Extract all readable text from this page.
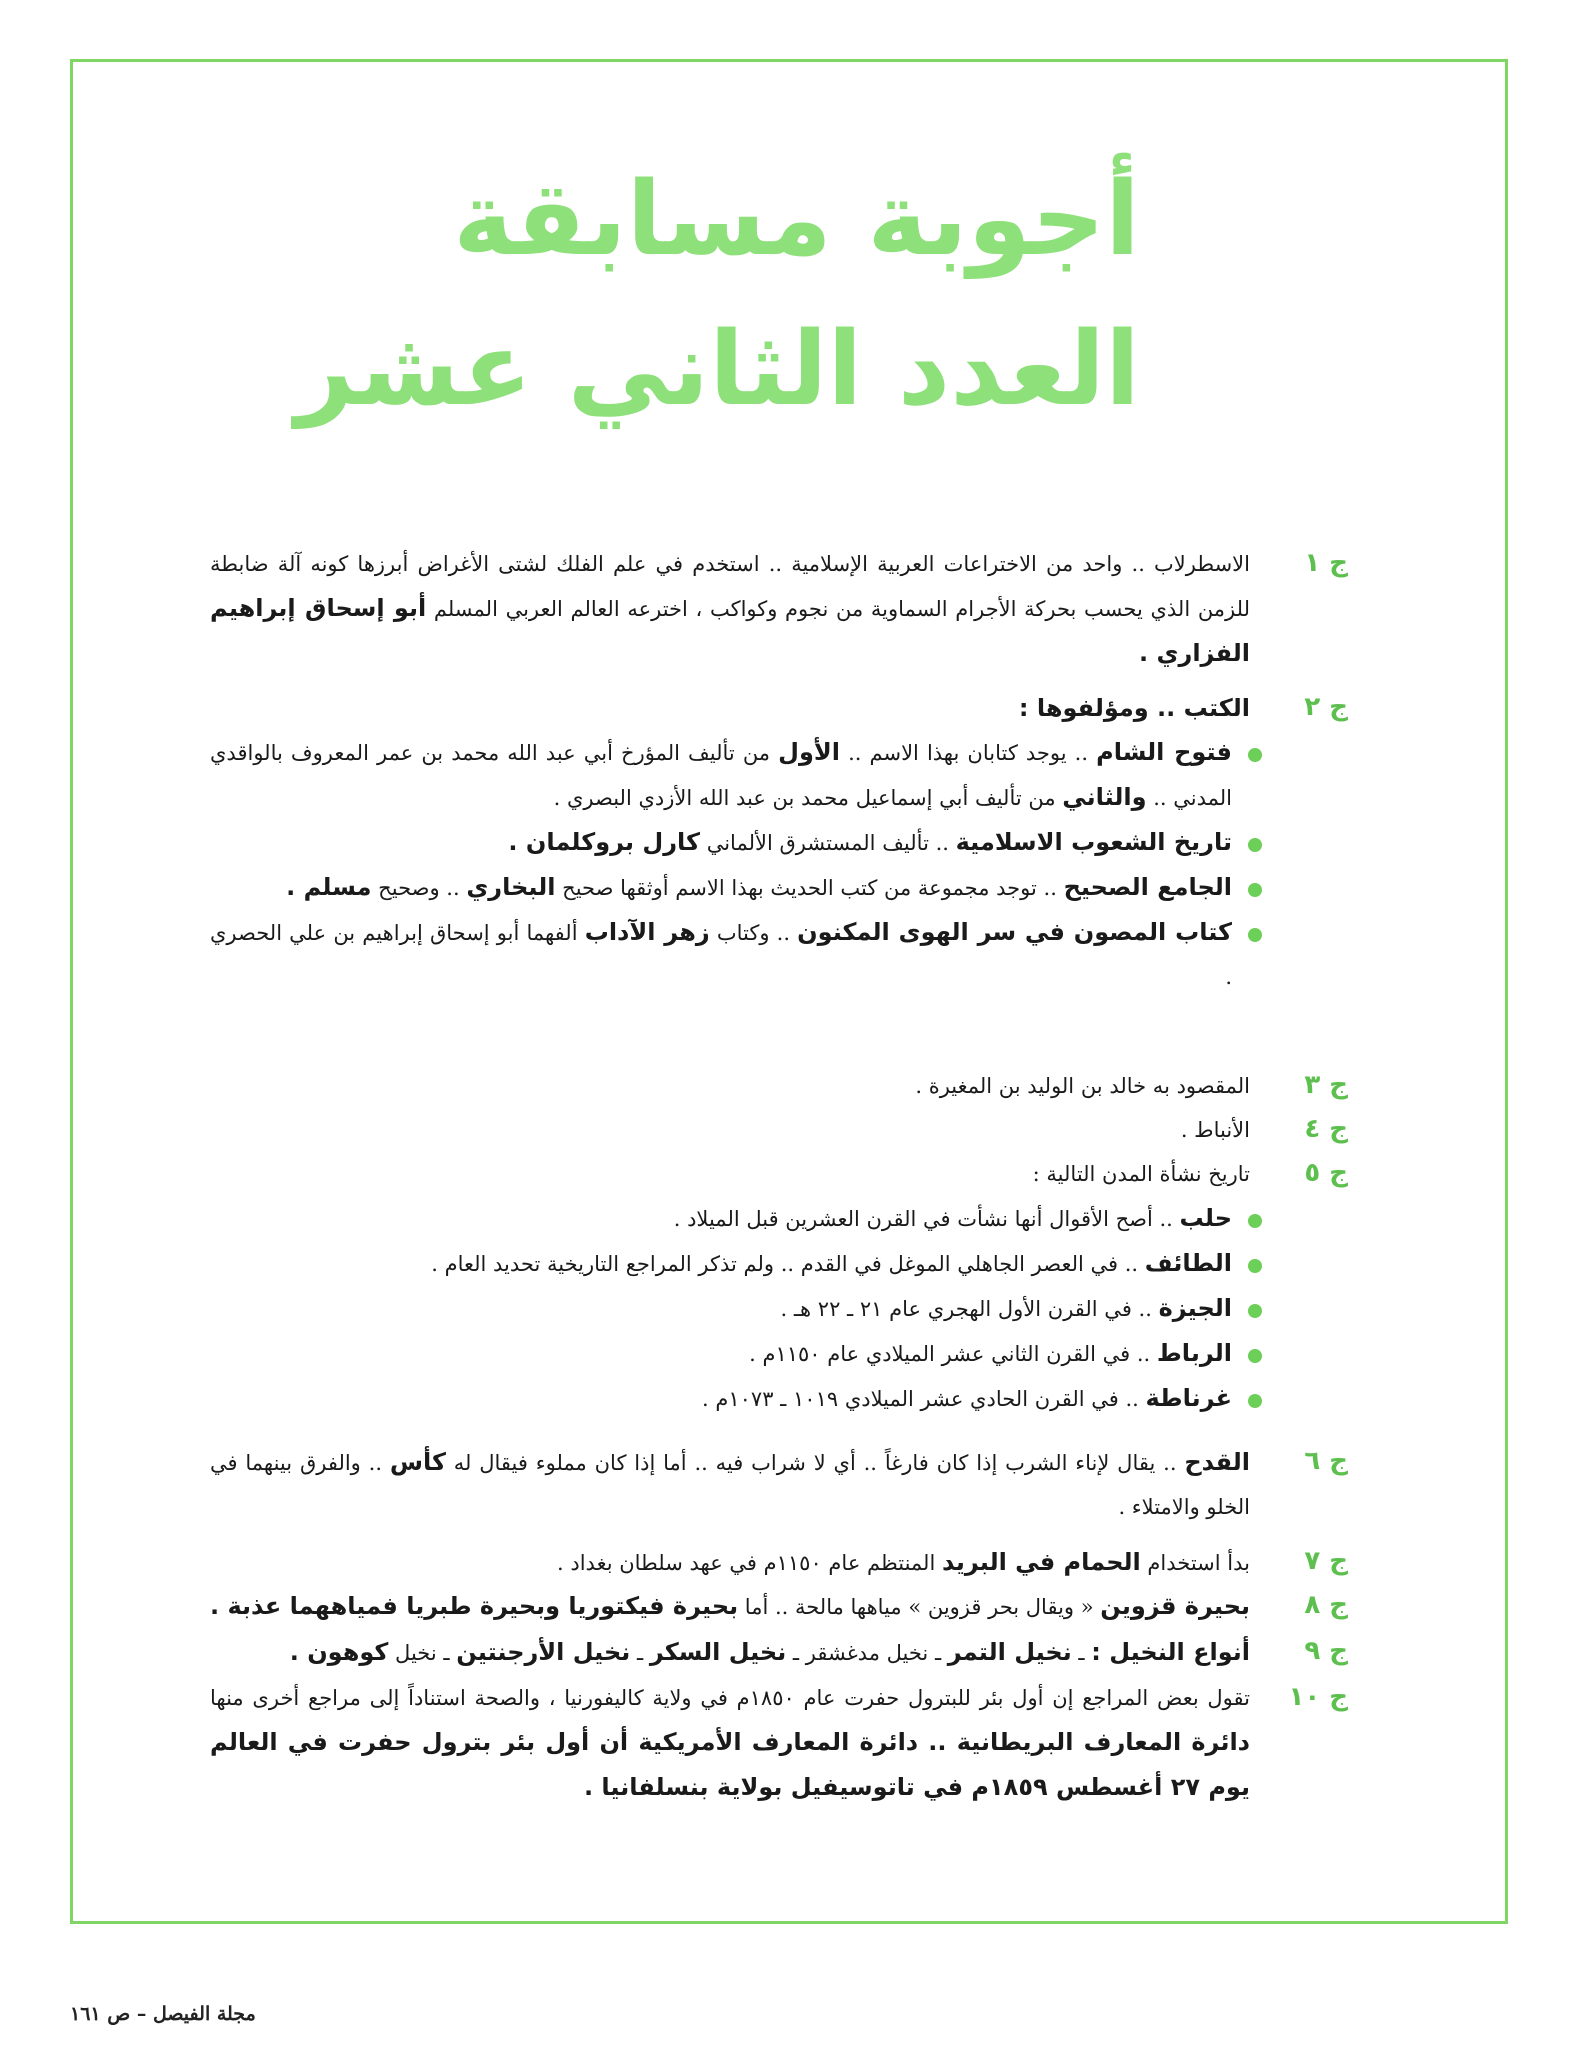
أجوبة مسابقة
العدد الثاني عشر
ج ١
الاسطرلاب .. واحد من الاختراعات العربية الإسلامية .. استخدم في علم الفلك لشتى الأغراض أبرزها كونه آلة ضابطة للزمن الذي يحسب بحركة الأجرام السماوية من نجوم وكواكب ، اخترعه العالم العربي المسلم أبو إسحاق إبراهيم الفزاري .
ج ٢
الكتب .. ومؤلفوها :
فتوح الشام .. يوجد كتابان بهذا الاسم .. الأول من تأليف المؤرخ أبي عبد الله محمد بن عمر المعروف بالواقدي المدني .. والثاني من تأليف أبي إسماعيل محمد بن عبد الله الأزدي البصري .
تاريخ الشعوب الاسلامية .. تأليف المستشرق الألماني كارل بروكلمان .
الجامع الصحيح .. توجد مجموعة من كتب الحديث بهذا الاسم أوثقها صحيح البخاري .. وصحيح مسلم .
كتاب المصون في سر الهوى المكنون .. وكتاب زهر الآداب ألفهما أبو إسحاق إبراهيم بن علي الحصري .
ج ٣
المقصود به خالد بن الوليد بن المغيرة .
ج ٤
الأنباط .
ج ٥
تاريخ نشأة المدن التالية :
حلب .. أصح الأقوال أنها نشأت في القرن العشرين قبل الميلاد .
الطائف .. في العصر الجاهلي الموغل في القدم .. ولم تذكر المراجع التاريخية تحديد العام .
الجيزة .. في القرن الأول الهجري عام ٢١ ـ ٢٢ هـ .
الرباط .. في القرن الثاني عشر الميلادي عام ١١٥٠م .
غرناطة .. في القرن الحادي عشر الميلادي ١٠١٩ ـ ١٠٧٣م .
ج ٦
القدح .. يقال لإناء الشرب إذا كان فارغاً .. أي لا شراب فيه .. أما إذا كان مملوء فيقال له كأس .. والفرق بينهما في الخلو والامتلاء .
ج ٧
بدأ استخدام الحمام في البريد المنتظم عام ١١٥٠م في عهد سلطان بغداد .
ج ٨
بحيرة قزوين « ويقال بحر قزوين » مياهها مالحة .. أما بحيرة فيكتوريا وبحيرة طبريا فمياههما عذبة .
ج ٩
أنواع النخيل : ـ نخيل التمر ـ نخيل مدغشقر ـ نخيل السكر ـ نخيل الأرجنتين ـ نخيل كوهون .
ج ١٠
تقول بعض المراجع إن أول بئر للبترول حفرت عام ١٨٥٠م في ولاية كاليفورنيا ، والصحة استناداً إلى مراجع أخرى منها دائرة المعارف البريطانية .. دائرة المعارف الأمريكية أن أول بئر بترول حفرت في العالم يوم ٢٧ أغسطس ١٨٥٩م في تاتوسيفيل بولاية بنسلفانيا .
مجلة الفيصل – ص ١٦١
